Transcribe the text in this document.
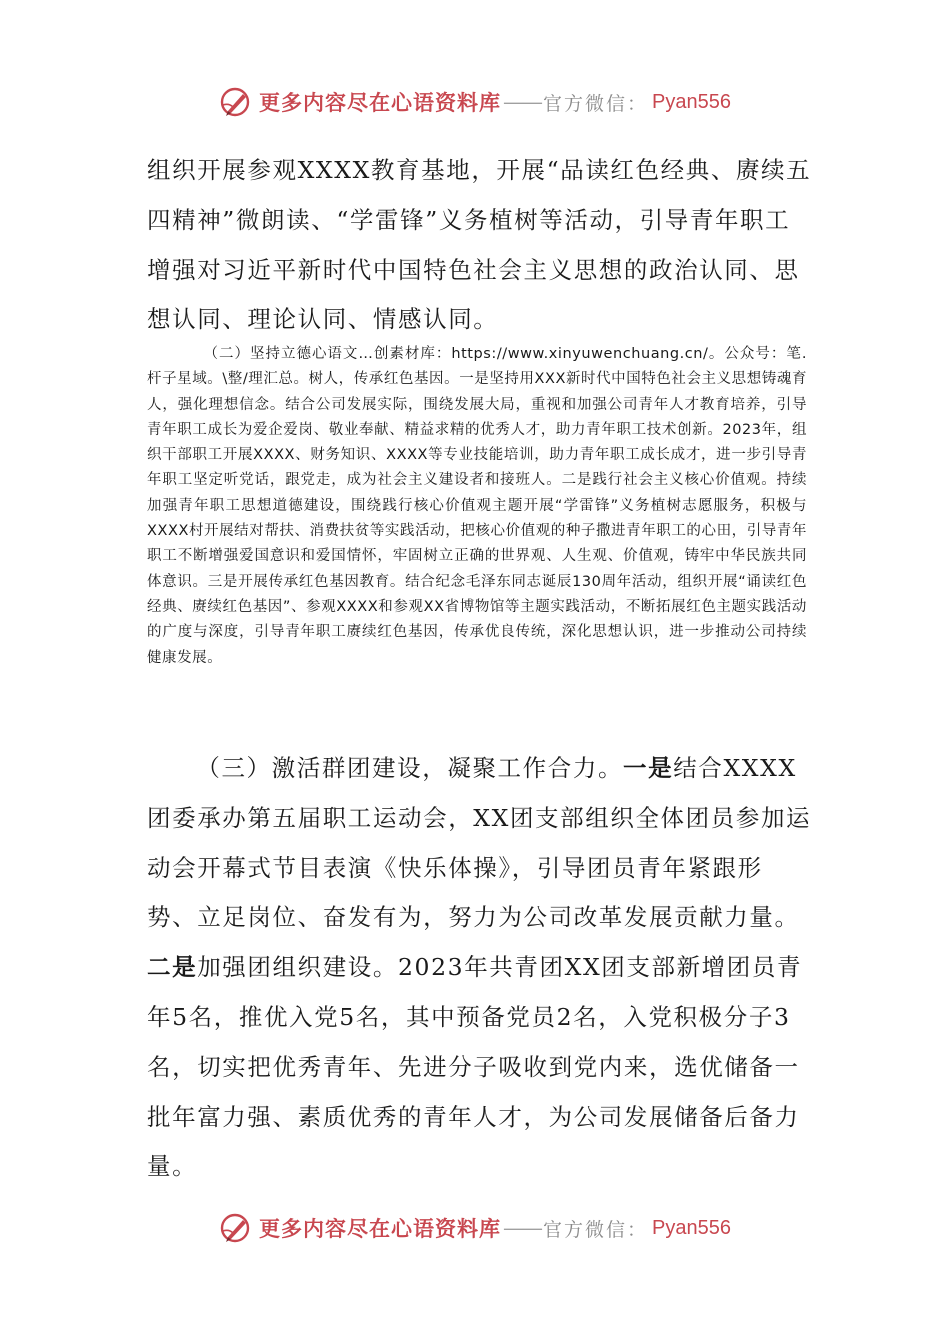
更多内容尽在心语资料库 —— 官方微信： Pyan556
组织开展参观XXXX教育基地，开展“品读红色经典、赓续五四精神”微朗读、“学雷锋”义务植树等活动，引导青年职工增强对习近平新时代中国特色社会主义思想的政治认同、思想认同、理论认同、情感认同。
（二）坚持立德心语文…创素材库：https://www.xinyuwenchuang.cn/。公众号：笔.杆子星域。\整/理汇总。树人，传承红色基因。一是坚持用XXX新时代中国特色社会主义思想铸魂育人，强化理想信念。结合公司发展实际，围绕发展大局，重视和加强公司青年人才教育培养，引导青年职工成长为爱企爱岗、敬业奉献、精益求精的优秀人才，助力青年职工技术创新。2023年，组织干部职工开展XXXX、财务知识、XXXX等专业技能培训，助力青年职工成长成才，进一步引导青年职工坚定听党话，跟党走，成为社会主义建设者和接班人。二是践行社会主义核心价值观。持续加强青年职工思想道德建设，围绕践行核心价值观主题开展“学雷锋”义务植树志愿服务，积极与XXXX村开展结对帮扶、消费扶贫等实践活动，把核心价值观的种子撒进青年职工的心田，引导青年职工不断增强爱国意识和爱国情怀，牢固树立正确的世界观、人生观、价值观，铸牢中华民族共同体意识。三是开展传承红色基因教育。结合纪念毛泽东同志诞辰130周年活动，组织开展“诵读红色经典、赓续红色基因”、参观XXXX和参观XX省博物馆等主题实践活动，不断拓展红色主题实践活动的广度与深度，引导青年职工赓续红色基因，传承优良传统，深化思想认识，进一步推动公司持续健康发展。
（三）激活群团建设，凝聚工作合力。一是结合XXXX团委承办第五届职工运动会，XX团支部组织全体团员参加运动会开幕式节目表演《快乐体操》，引导团员青年紧跟形势、立足岗位、奋发有为，努力为公司改革发展贡献力量。二是加强团组织建设。2023年共青团XX团支部新增团员青年5名，推优入党5名，其中预备党员2名，入党积极分子3名，切实把优秀青年、先进分子吸收到党内来，选优储备一批年富力强、素质优秀的青年人才，为公司发展储备后备力量。
更多内容尽在心语资料库 —— 官方微信： Pyan556
